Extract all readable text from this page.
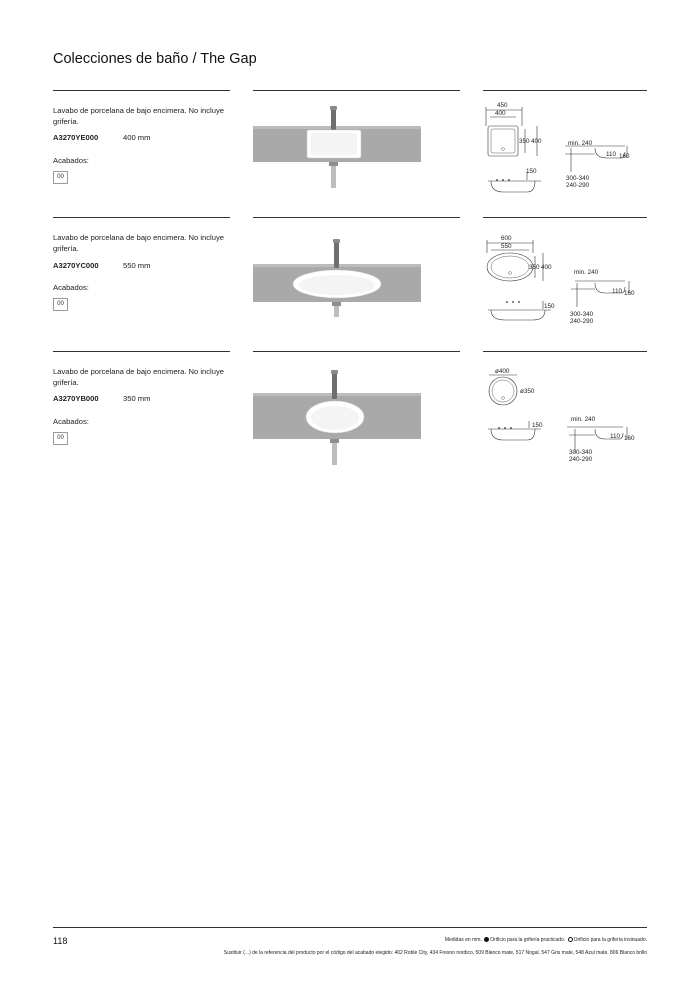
Colecciones de baño / The Gap

Lavabo de porcelana de bajo encimera. No incluye grifería.

A3270YE000	400 mm
Acabados:
00
450
400
350 400
150
min. 240
110 160
300-340
240-290

Lavabo de porcelana de bajo encimera. No incluye grifería.

A3270YC000	550 mm
Acabados:
00
600
550
350 400
150
min. 240
110 160
300-340
240-290

Lavabo de porcelana de bajo encimera. No incluye grifería.

A3270YB000	350 mm
Acabados:
00
ø400
ø350
150
min. 240
110 160
300-340
240-290
118	Medidas en mm. Orificio para la grifería practicado. Orificio para la grifería insinuado.
Sustituir (...) de la referencia del producto por el código del acabado elegido: 402 Roble City, 434 Fresno nordico, 509 Blanco mate, 517 Nogal, 547 Gris mate, 548 Azul mate, 806 Blanco brillo
